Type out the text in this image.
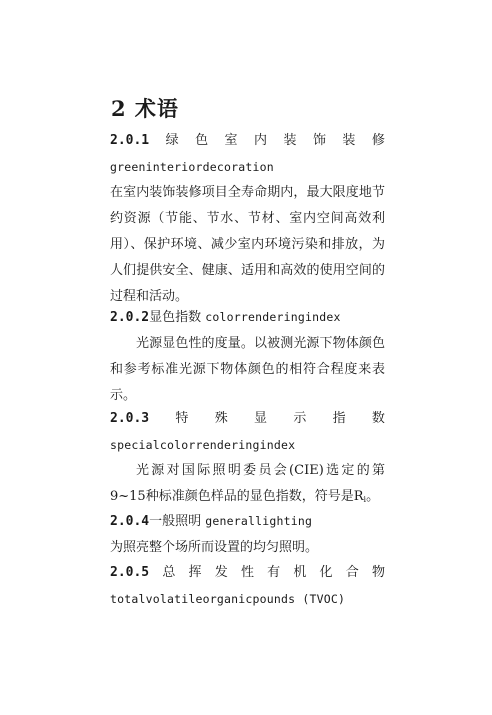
2 术语
2.0.1 绿 色 室 内 装 饰 装 修
greeninteriordecoration
在室内装饰装修项目全寿命期内，最大限度地节约资源（节能、节水、节材、室内空间高效利用）、保护环境、减少室内环境污染和排放，为人们提供安全、健康、适用和高效的使用空间的过程和活动。
2.0.2显色指数 colorrenderingindex
光源显色性的度量。以被测光源下物体颜色和参考标准光源下物体颜色的相符合程度来表示。
2.0.3 特 殊 显 示 指 数
specialcolorrenderingindex
光源对国际照明委员会(CIE)选定的第9~15种标准颜色样品的显色指数，符号是$R_i$。
2.0.4一般照明 generallighting
为照亮整个场所而设置的均匀照明。
2.0.5 总 挥 发 性 有 机 化 合 物
totalvolatileorganicpounds (TVOC)
